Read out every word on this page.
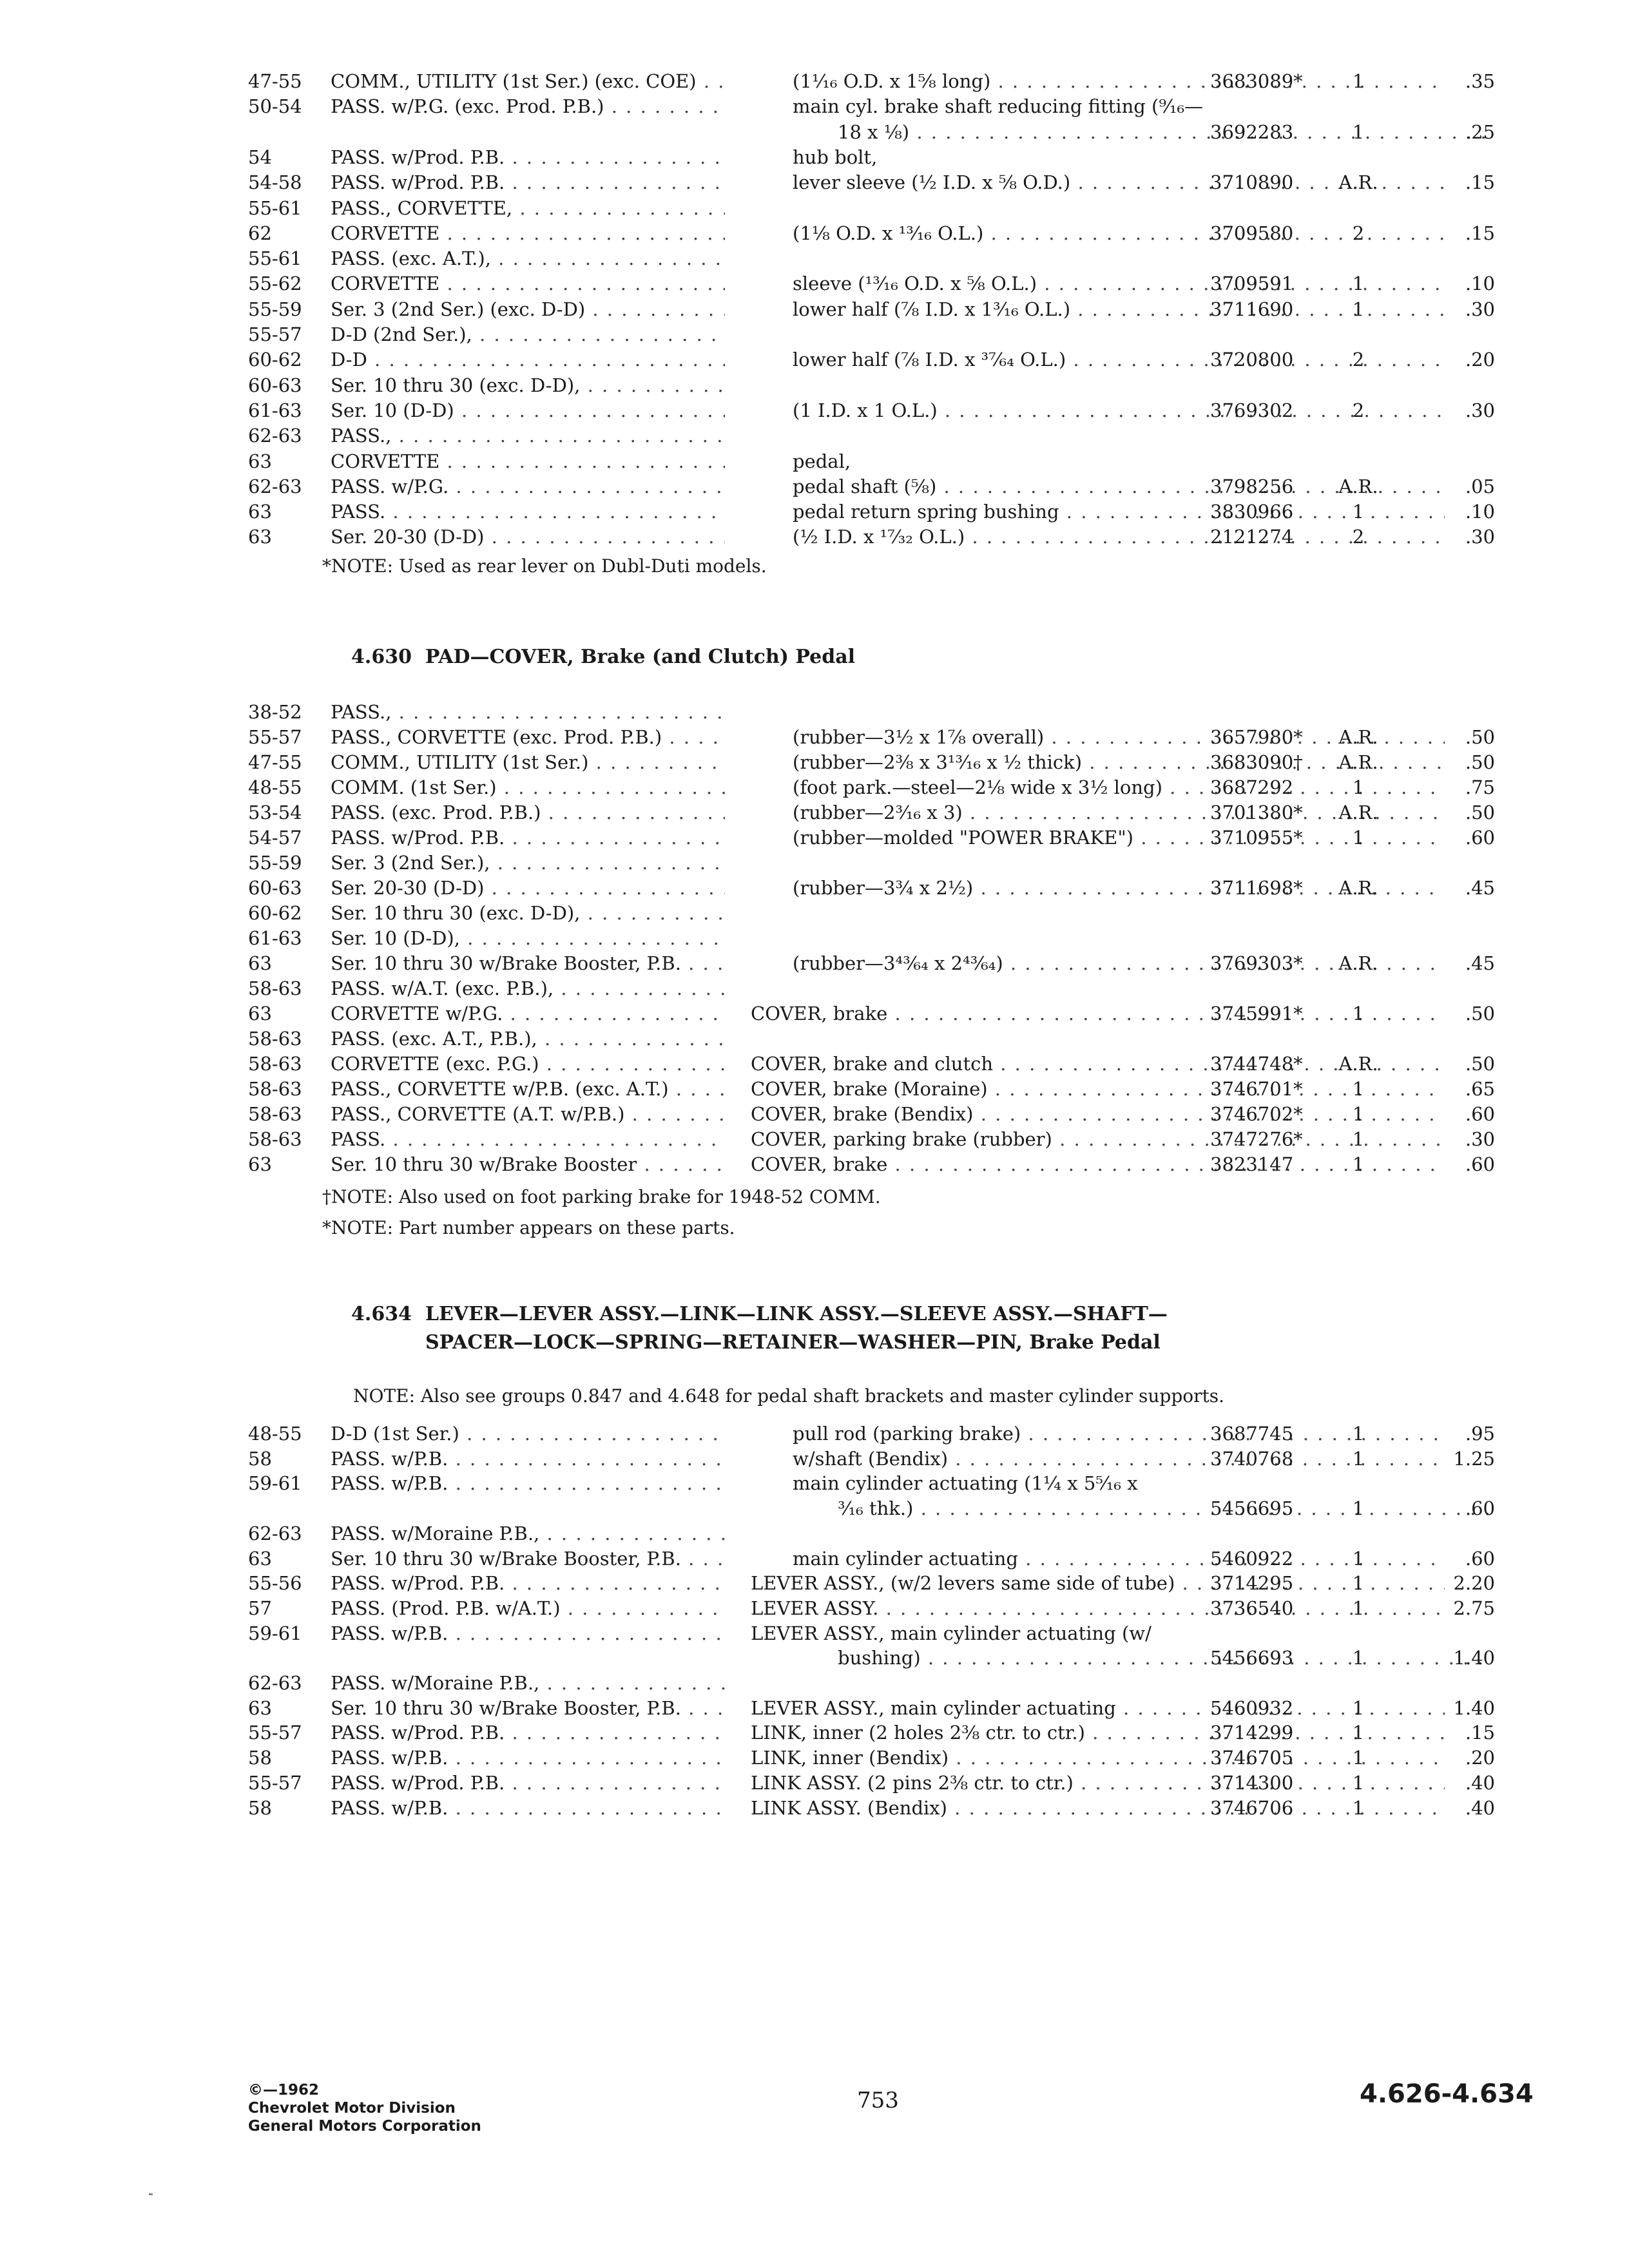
47-55	COMM., UTILITY (1st Ser.) (exc. COE) . . .	(1¹⁄₁₆ O.D. x 1⁵⁄₈ long) . . .	3683089*	1	.35
50-54	PASS. w/P.G. (exc. Prod. P.B.) . . .	main cyl. brake shaft reducing fitting (⁹⁄₁₆—
18 x ⅛) . . .	3692283	1	.25
54	PASS. w/Prod. P.B. . . .	hub bolt,
54-58	PASS. w/Prod. P.B. . . .	lever sleeve (½ I.D. x ⅝ O.D.) . . .	3710890	A.R.	.15
55-61	PASS., CORVETTE, . . .
62	CORVETTE . . .	(1⅛ O.D. x ¹³⁄₁₆ O.L.) . . .	3709580	2	.15
55-61	PASS. (exc. A.T.), . . .
55-62	CORVETTE . . .	sleeve (¹³⁄₁₆ O.D. x ⅝ O.L.) . . .	3709591	1	.10
55-59	Ser. 3 (2nd Ser.) (exc. D-D) . . .	lower half (⅞ I.D. x 1³⁄₁₆ O.L.) . . .	3711690	1	.30
55-57	D-D (2nd Ser.), . . .
60-62	D-D . . .	lower half (⅞ I.D. x ³⁷⁄₆₄ O.L.) . . .	3720800	2	.20
60-63	Ser. 10 thru 30 (exc. D-D), . . .
61-63	Ser. 10 (D-D) . . .	(1 I.D. x 1 O.L.) . . .	3769302	2	.30
62-63	PASS., . . .
63	CORVETTE . . .	pedal,
62-63	PASS. w/P.G. . . .	pedal shaft (⅝) . . .	3798256	A.R.	.05
63	PASS. . . .	pedal return spring bushing . . .	3830966	1	.10
63	Ser. 20-30 (D-D) . . .	(½ I.D. x ¹⁷⁄₃₂ O.L.) . . .	2121274	2	.30
*NOTE: Used as rear lever on Dubl-Duti models.
4.630 PAD—COVER, Brake (and Clutch) Pedal
38-52	PASS., . . .
55-57	PASS., CORVETTE (exc. Prod. P.B.) . . .	(rubber—3½ x 1⅞ overall) . . .	3657980*	A.R.	.50
47-55	COMM., UTILITY (1st Ser.) . . .	(rubber—2⅜ x 3¹³⁄₁₆ x ½ thick) . . .	3683090†	A.R.	.50
48-55	COMM. (1st Ser.) . . .	(foot park.—steel—2⅛ wide x 3½ long) . . .	3687292	1	.75
53-54	PASS. (exc. Prod. P.B.) . . .	(rubber—2³⁄₁₆ x 3) . . .	3701380*	A.R.	.50
54-57	PASS. w/Prod. P.B. . . .	(rubber—molded "POWER BRAKE") . . .	3710955*	1	.60
55-59	Ser. 3 (2nd Ser.), . . .
60-63	Ser. 20-30 (D-D) . . .	(rubber—3¾ x 2½) . . .	3711698*	A.R.	.45
60-62	Ser. 10 thru 30 (exc. D-D), . . .
61-63	Ser. 10 (D-D), . . .
63	Ser. 10 thru 30 w/Brake Booster, P.B. . . .	(rubber—3⁴³⁄₆₄ x 2⁴³⁄₆₄) . . .	3769303*	A.R.	.45
58-63	PASS. w/A.T. (exc. P.B.), . . .
63	CORVETTE w/P.G. . . .	COVER, brake . . .	3745991*	1	.50
58-63	PASS. (exc. A.T., P.B.), . . .
58-63	CORVETTE (exc. P.G.) . . .	COVER, brake and clutch . . .	3744748*	A.R.	.50
58-63	PASS., CORVETTE w/P.B. (exc. A.T.) . . .	COVER, brake (Moraine) . . .	3746701*	1	.65
58-63	PASS., CORVETTE (A.T. w/P.B.) . . .	COVER, brake (Bendix) . . .	3746702*	1	.60
58-63	PASS. . . .	COVER, parking brake (rubber) . . .	3747276*	1	.30
63	Ser. 10 thru 30 w/Brake Booster . . .	COVER, brake . . .	3823147	1	.60
†NOTE: Also used on foot parking brake for 1948-52 COMM.
*NOTE: Part number appears on these parts.
4.634 LEVER—LEVER ASSY.—LINK—LINK ASSY.—SLEEVE ASSY.—SHAFT—
SPACER—LOCK—SPRING—RETAINER—WASHER—PIN, Brake Pedal
NOTE: Also see groups 0.847 and 4.648 for pedal shaft brackets and master cylinder supports.
48-55	D-D (1st Ser.) . . .	pull rod (parking brake) . . .	3687745	1	.95
58	PASS. w/P.B. . . .	w/shaft (Bendix) . . .	3740768	1	1.25
59-61	PASS. w/P.B. . . .	main cylinder actuating (1¼ x 5⁵⁄₁₆ x
³⁄₁₆ thk.) . . .	5456695	1	.60
62-63	PASS. w/Moraine P.B., . . .
63	Ser. 10 thru 30 w/Brake Booster, P.B. . . .	main cylinder actuating . . .	5460922	1	.60
55-56	PASS. w/Prod. P.B. . . .	LEVER ASSY., (w/2 levers same side of tube) . . .	3714295	1	2.20
57	PASS. (Prod. P.B. w/A.T.) . . .	LEVER ASSY. . . .	3736540	1	2.75
59-61	PASS. w/P.B. . . .	LEVER ASSY., main cylinder actuating (w/
bushing) . . .	5456693	1	1.40
62-63	PASS. w/Moraine P.B., . . .
63	Ser. 10 thru 30 w/Brake Booster, P.B. . . .	LEVER ASSY., main cylinder actuating . . .	5460932	1	1.40
55-57	PASS. w/Prod. P.B. . . .	LINK, inner (2 holes 2⅜ ctr. to ctr.) . . .	3714299	1	.15
58	PASS. w/P.B. . . .	LINK, inner (Bendix) . . .	3746705	1	.20
55-57	PASS. w/Prod. P.B. . . .	LINK ASSY. (2 pins 2⅜ ctr. to ctr.) . . .	3714300	1	.40
58	PASS. w/P.B. . . .	LINK ASSY. (Bendix) . . .	3746706	1	.40
©—1962
Chevrolet Motor Division
General Motors Corporation
753	4.626-4.634
